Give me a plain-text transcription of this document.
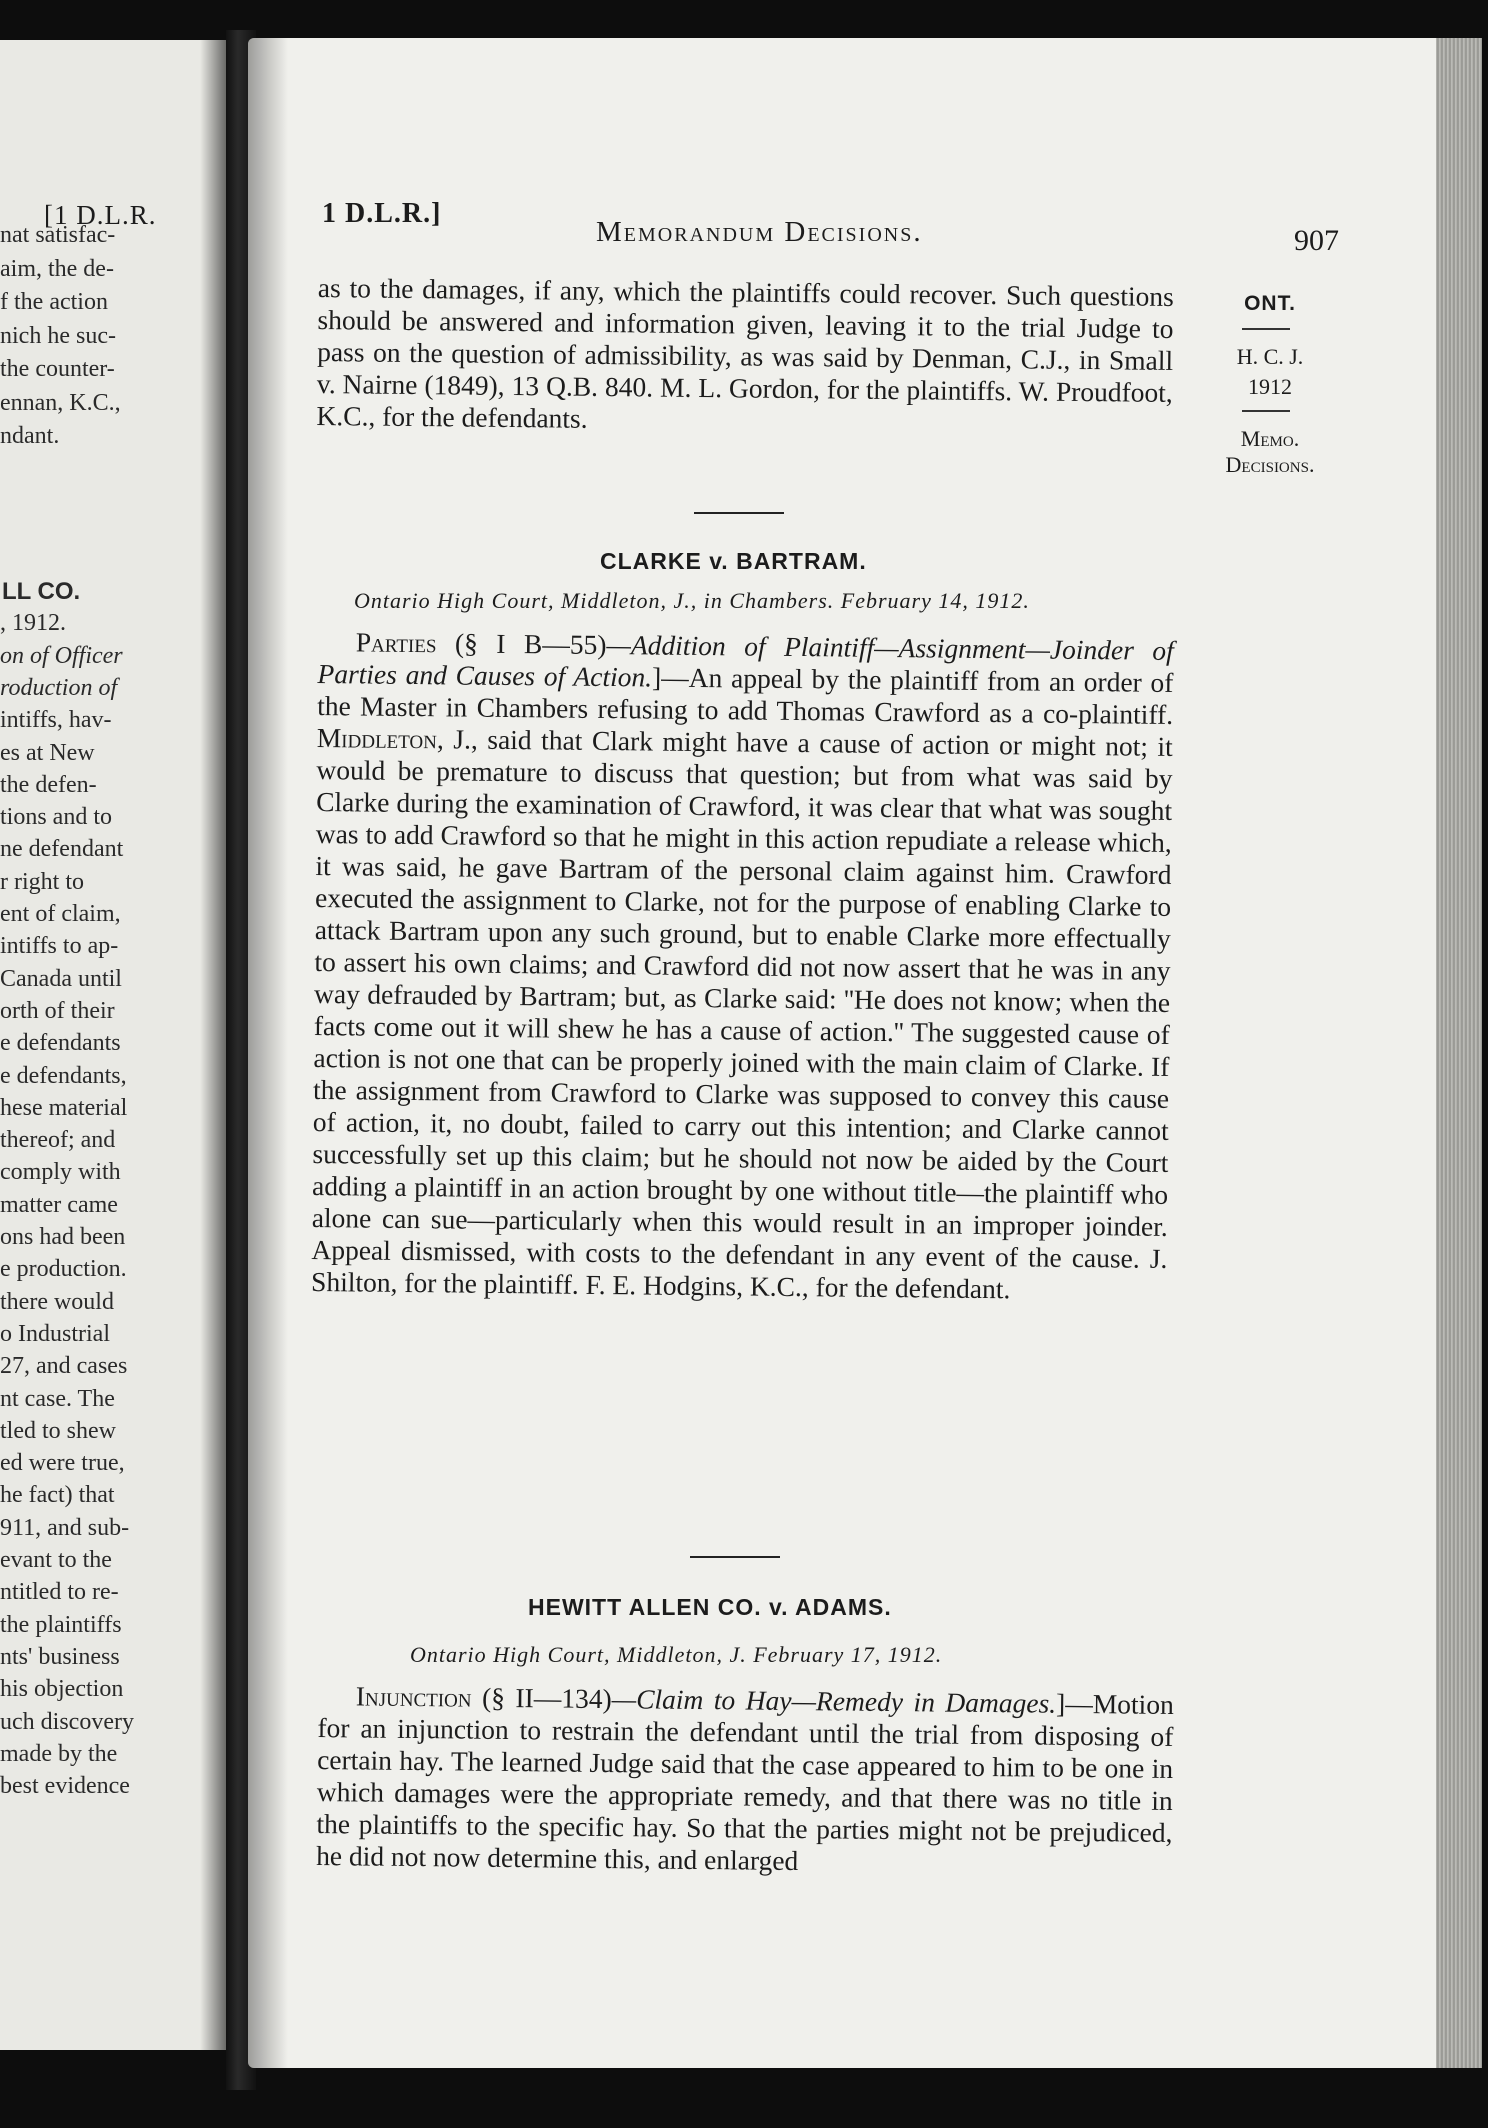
[1 D.L.R.
nat satisfac-
aim, the de-
f the action
nich he suc-
the counter-
ennan, K.C.,
ndant.
LL CO.
, 1912.
on of Officer
roduction of
intiffs, hav-
es at New
the defen-
tions and to
ne defendant
r right to
ent of claim,
intiffs to ap-
Canada until
orth of their
e defendants
e defendants,
hese material
thereof; and
comply with
matter came
ons had been
e production.
there would
o Industrial
27, and cases
nt case. The
tled to shew
ed were true,
he fact) that
911, and sub-
evant to the
ntitled to re-
the plaintiffs
nts' business
his objection
uch discovery
made by the
best evidence
1 D.L.R.]
Memorandum Decisions.	907
ONT.
H. C. J.
1912
Memo.
Decisions.

as to the damages, if any, which the plaintiffs could recover. Such questions should be answered and information given, leaving it to the trial Judge to pass on the question of admissibility, as was said by Denman, C.J., in Small v. Nairne (1849), 13 Q.B. 840. M. L. Gordon, for the plaintiffs. W. Proudfoot, K.C., for the defendants.

CLARKE v. BARTRAM.
Ontario High Court, Middleton, J., in Chambers. February 14, 1912.

Parties (§ I B—55)—Addition of Plaintiff—Assignment—Joinder of Parties and Causes of Action.]—An appeal by the plaintiff from an order of the Master in Chambers refusing to add Thomas Crawford as a co-plaintiff. Middleton, J., said that Clark might have a cause of action or might not; it would be premature to discuss that question; but from what was said by Clarke during the examination of Crawford, it was clear that what was sought was to add Crawford so that he might in this action repudiate a release which, it was said, he gave Bartram of the personal claim against him. Crawford executed the assignment to Clarke, not for the purpose of enabling Clarke to attack Bartram upon any such ground, but to enable Clarke more effectually to assert his own claims; and Crawford did not now assert that he was in any way defrauded by Bartram; but, as Clarke said: ''He does not know; when the facts come out it will shew he has a cause of action.'' The suggested cause of action is not one that can be properly joined with the main claim of Clarke. If the assignment from Crawford to Clarke was supposed to convey this cause of action, it, no doubt, failed to carry out this intention; and Clarke cannot successfully set up this claim; but he should not now be aided by the Court adding a plaintiff in an action brought by one without title—the plaintiff who alone can sue—particularly when this would result in an improper joinder. Appeal dismissed, with costs to the defendant in any event of the cause. J. Shilton, for the plaintiff. F. E. Hodgins, K.C., for the defendant.

HEWITT ALLEN CO. v. ADAMS.
Ontario High Court, Middleton, J. February 17, 1912.

Injunction (§ II—134)—Claim to Hay—Remedy in Damages.]—Motion for an injunction to restrain the defendant until the trial from disposing of certain hay. The learned Judge said that the case appeared to him to be one in which damages were the appropriate remedy, and that there was no title in the plaintiffs to the specific hay. So that the parties might not be prejudiced, he did not now determine this, and enlarged
